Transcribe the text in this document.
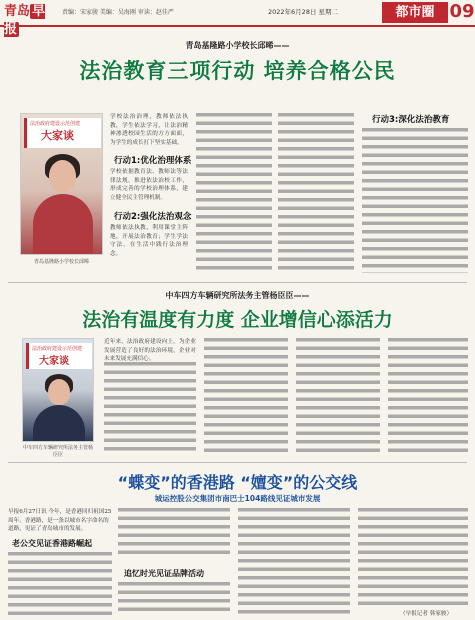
青岛 早报
责编：宋家骏 美编：吴海刚 审读：赵佳严	2022年6月28日 星期二	都市圈 09
青岛基隆路小学校长邱晞——
法治教育三项行动 培养合格公民
法治政府建设示范创建
大家谈
青岛基隆路小学校长邱晞
学校法治治理，教师依法执教，学生依法学习，让法治精神渗透校园生活的方方面面，为学生的成长打下坚实基础。
行动1:优化治理体系
学校依据教育法、教师法等法律法规，推进依法治校工作，形成完善的学校治理体系，建立健全民主管理机制。
行动2:强化法治观念
教师依法执教，利用课堂主阵地，开展法治教育；学生学法守法，在生活中践行法治理念。
行动3:深化法治教育
中车四方车辆研究所法务主管杨臣臣——
法治有温度有力度 企业增信心添活力
法治政府建设示范创建
大家谈
中车四方车辆研究所法务主管杨臣臣
近年来，法治政府建设向上，为企业发展营造了良好的法治环境，企业对未来发展充满信心。
“蝶变”的香港路 “嬗变”的公交线
城运控股公交集团市南巴士104路线见证城市发展
早报6月27日讯 今年，是香港回归祖国25周年。香港路，是一条以城市名字命名的道路，见证了青岛城市的发展。
老公交见证香港路崛起
追忆时光见证品牌活动
（早报记者 韩家骏）
